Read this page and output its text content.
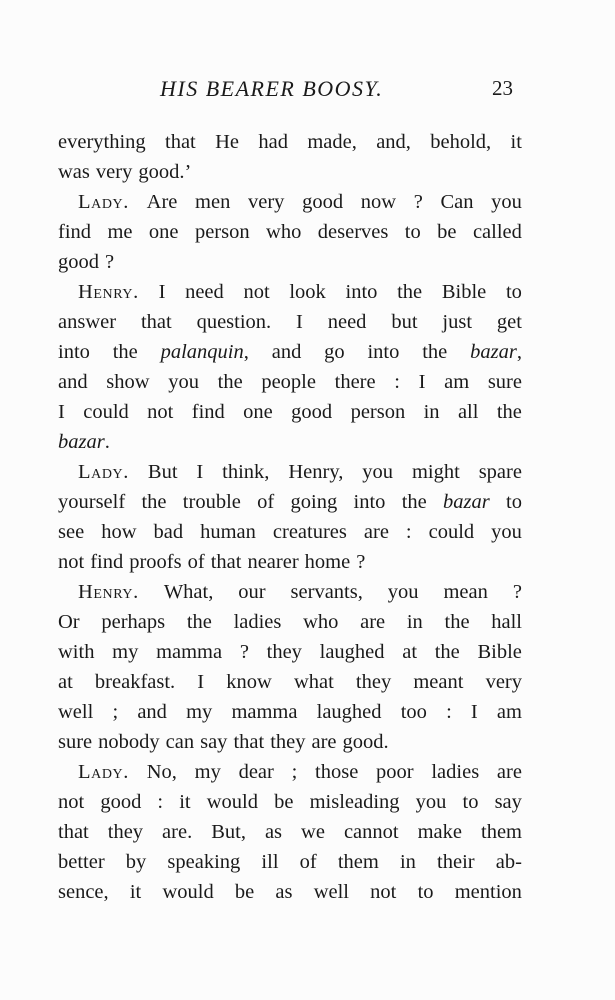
HIS BEARER BOOSY.	23
everything that He had made, and, behold, it
was very good.’
Lady. Are men very good now ? Can you
find me one person who deserves to be called
good ?
Henry. I need not look into the Bible to
answer that question. I need but just get
into the palanquin, and go into the bazar,
and show you the people there : I am sure
I could not find one good person in all the
bazar.
Lady. But I think, Henry, you might spare
yourself the trouble of going into the bazar to
see how bad human creatures are : could you
not find proofs of that nearer home ?
Henry. What, our servants, you mean ?
Or perhaps the ladies who are in the hall
with my mamma ? they laughed at the Bible
at breakfast. I know what they meant very
well ; and my mamma laughed too : I am
sure nobody can say that they are good.
Lady. No, my dear ; those poor ladies are
not good : it would be misleading you to say
that they are. But, as we cannot make them
better by speaking ill of them in their ab-
sence, it would be as well not to mention
